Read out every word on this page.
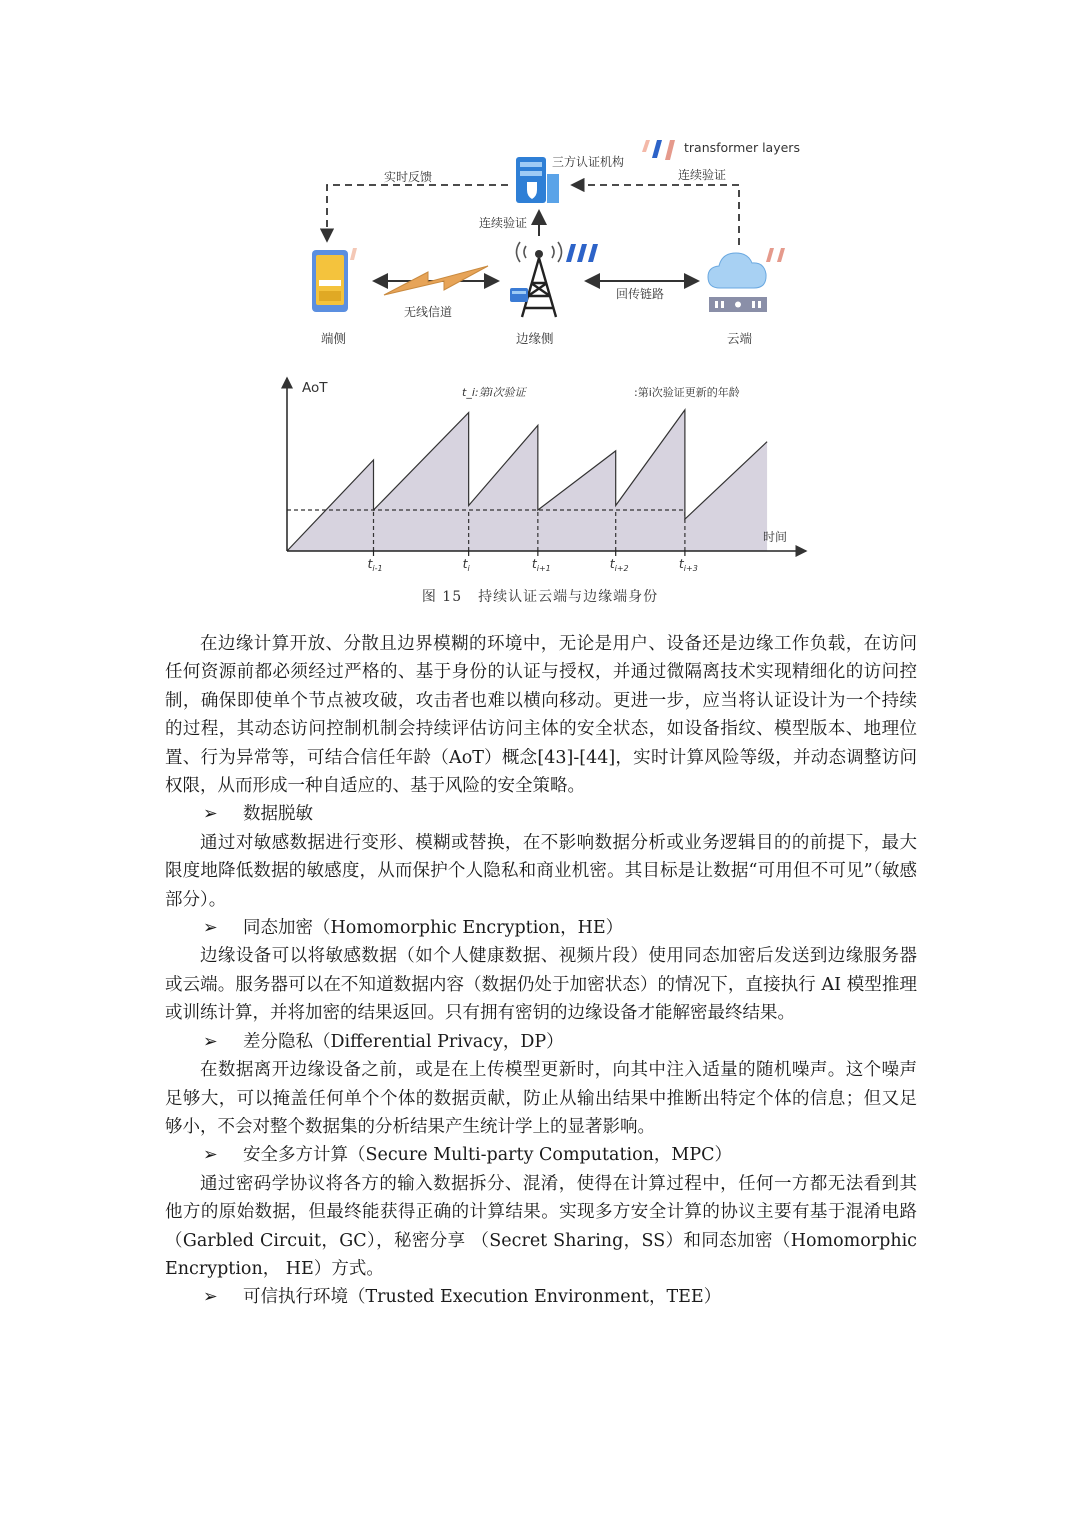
transformer layers
三方认证机构
实时反馈	连续验证
连续验证
端侧
无线信道
边缘侧
回传链路
云端
$t_{i-1}$	$t_i$	$t_{i+1}$	$t_{i+2}$	$t_{i+3}$
AoT
时间
t_i:第i次验证	:第i次验证更新的年龄
图 15 持续认证云端与边缘端身份

在边缘计算开放、分散且边界模糊的环境中，无论是用户、设备还是边缘工作负载，在访问任何资源前都必须经过严格的、基于身份的认证与授权，并通过微隔离技术实现精细化的访问控制，确保即使单个节点被攻破，攻击者也难以横向移动。更进一步，应当将认证设计为一个持续的过程，其动态访问控制机制会持续评估访问主体的安全状态，如设备指纹、模型版本、地理位置、行为异常等，可结合信任年龄（AoT）概念[43]-[44]，实时计算风险等级，并动态调整访问权限，从而形成一种自适应的、基于风险的安全策略。

➢ 数据脱敏

通过对敏感数据进行变形、模糊或替换，在不影响数据分析或业务逻辑目的的前提下，最大限度地降低数据的敏感度，从而保护个人隐私和商业机密。其目标是让数据“可用但不可见”（敏感部分）。

➢ 同态加密（Homomorphic Encryption，HE）

边缘设备可以将敏感数据（如个人健康数据、视频片段）使用同态加密后发送到边缘服务器或云端。服务器可以在不知道数据内容（数据仍处于加密状态）的情况下，直接执行 AI 模型推理或训练计算，并将加密的结果返回。只有拥有密钥的边缘设备才能解密最终结果。

➢ 差分隐私（Differential Privacy，DP）

在数据离开边缘设备之前，或是在上传模型更新时，向其中注入适量的随机噪声。这个噪声足够大，可以掩盖任何单个个体的数据贡献，防止从输出结果中推断出特定个体的信息；但又足够小，不会对整个数据集的分析结果产生统计学上的显著影响。

➢ 安全多方计算（Secure Multi-party Computation，MPC）

通过密码学协议将各方的输入数据拆分、混淆，使得在计算过程中，任何一方都无法看到其他方的原始数据，但最终能获得正确的计算结果。实现多方安全计算的协议主要有基于混淆电路（Garbled Circuit，GC），秘密分享 （Secret Sharing，SS）和同态加密（Homomorphic Encryption， HE）方式。

➢ 可信执行环境（Trusted Execution Environment，TEE）
